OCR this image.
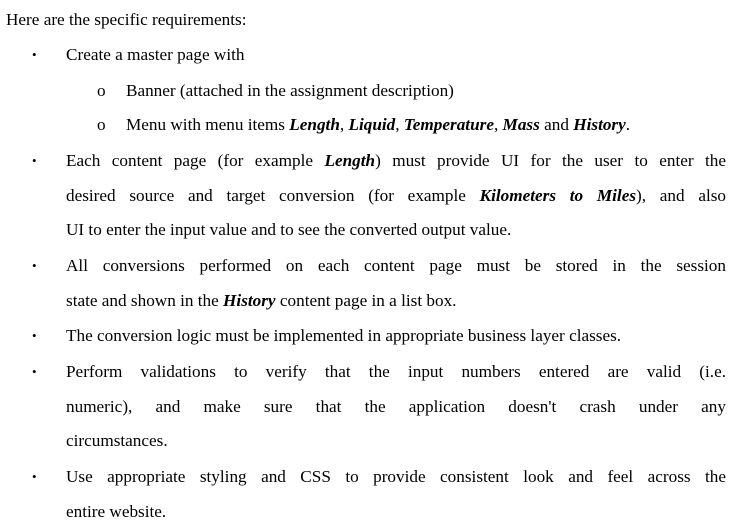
Here are the specific requirements:
• Create a master page with
o Banner (attached in the assignment description)
o Menu with menu items Length, Liquid, Temperature, Mass and History.
• Each content page (for example Length) must provide UI for the user to enter the
desired source and target conversion (for example Kilometers to Miles), and also
UI to enter the input value and to see the converted output value.
• All conversions performed on each content page must be stored in the session
state and shown in the History content page in a list box.
• The conversion logic must be implemented in appropriate business layer classes.
• Perform validations to verify that the input numbers entered are valid (i.e.
numeric), and make sure that the application doesn't crash under any
circumstances.
• Use appropriate styling and CSS to provide consistent look and feel across the
entire website.
